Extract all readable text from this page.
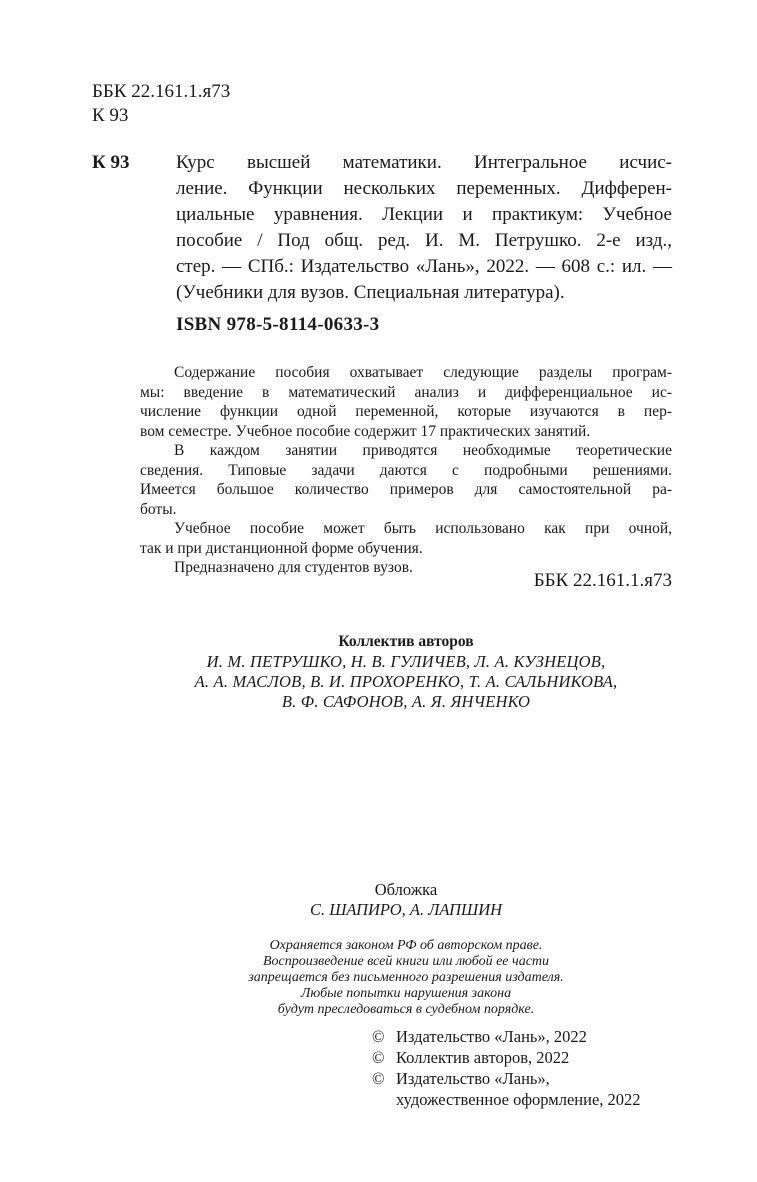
ББК 22.161.1.я73
К 93
К 93 Курс высшей математики. Интегральное исчис-
ление. Функции нескольких переменных. Дифферен-
циальные уравнения. Лекции и практикум: Учебное
пособие / Под общ. ред. И. М. Петрушко. 2-е изд.,
стер. — СПб.: Издательство «Лань», 2022. — 608 с.: ил. —
(Учебники для вузов. Специальная литература).
ISBN 978-5-8114-0633-3
Содержание пособия охватывает следующие разделы програм-
мы: введение в математический анализ и дифференциальное ис-
числение функции одной переменной, которые изучаются в пер-
вом семестре. Учебное пособие содержит 17 практических занятий.
В каждом занятии приводятся необходимые теоретические
сведения. Типовые задачи даются с подробными решениями.
Имеется большое количество примеров для самостоятельной ра-
боты.
Учебное пособие может быть использовано как при очной,
так и при дистанционной форме обучения.
Предназначено для студентов вузов.
ББК 22.161.1.я73
Коллектив авторов
И. М. ПЕТРУШКО, Н. В. ГУЛИЧЕВ, Л. А. КУЗНЕЦОВ,
А. А. МАСЛОВ, В. И. ПРОХОРЕНКО, Т. А. САЛЬНИКОВА,
В. Ф. САФОНОВ, А. Я. ЯНЧЕНКО
Обложка
С. ШАПИРО, А. ЛАПШИН
Охраняется законом РФ об авторском праве.
Воспроизведение всей книги или любой ее части
запрещается без письменного разрешения издателя.
Любые попытки нарушения закона
будут преследоваться в судебном порядке.
© Издательство «Лань», 2022
© Коллектив авторов, 2022
© Издательство «Лань»,
художественное оформление, 2022
